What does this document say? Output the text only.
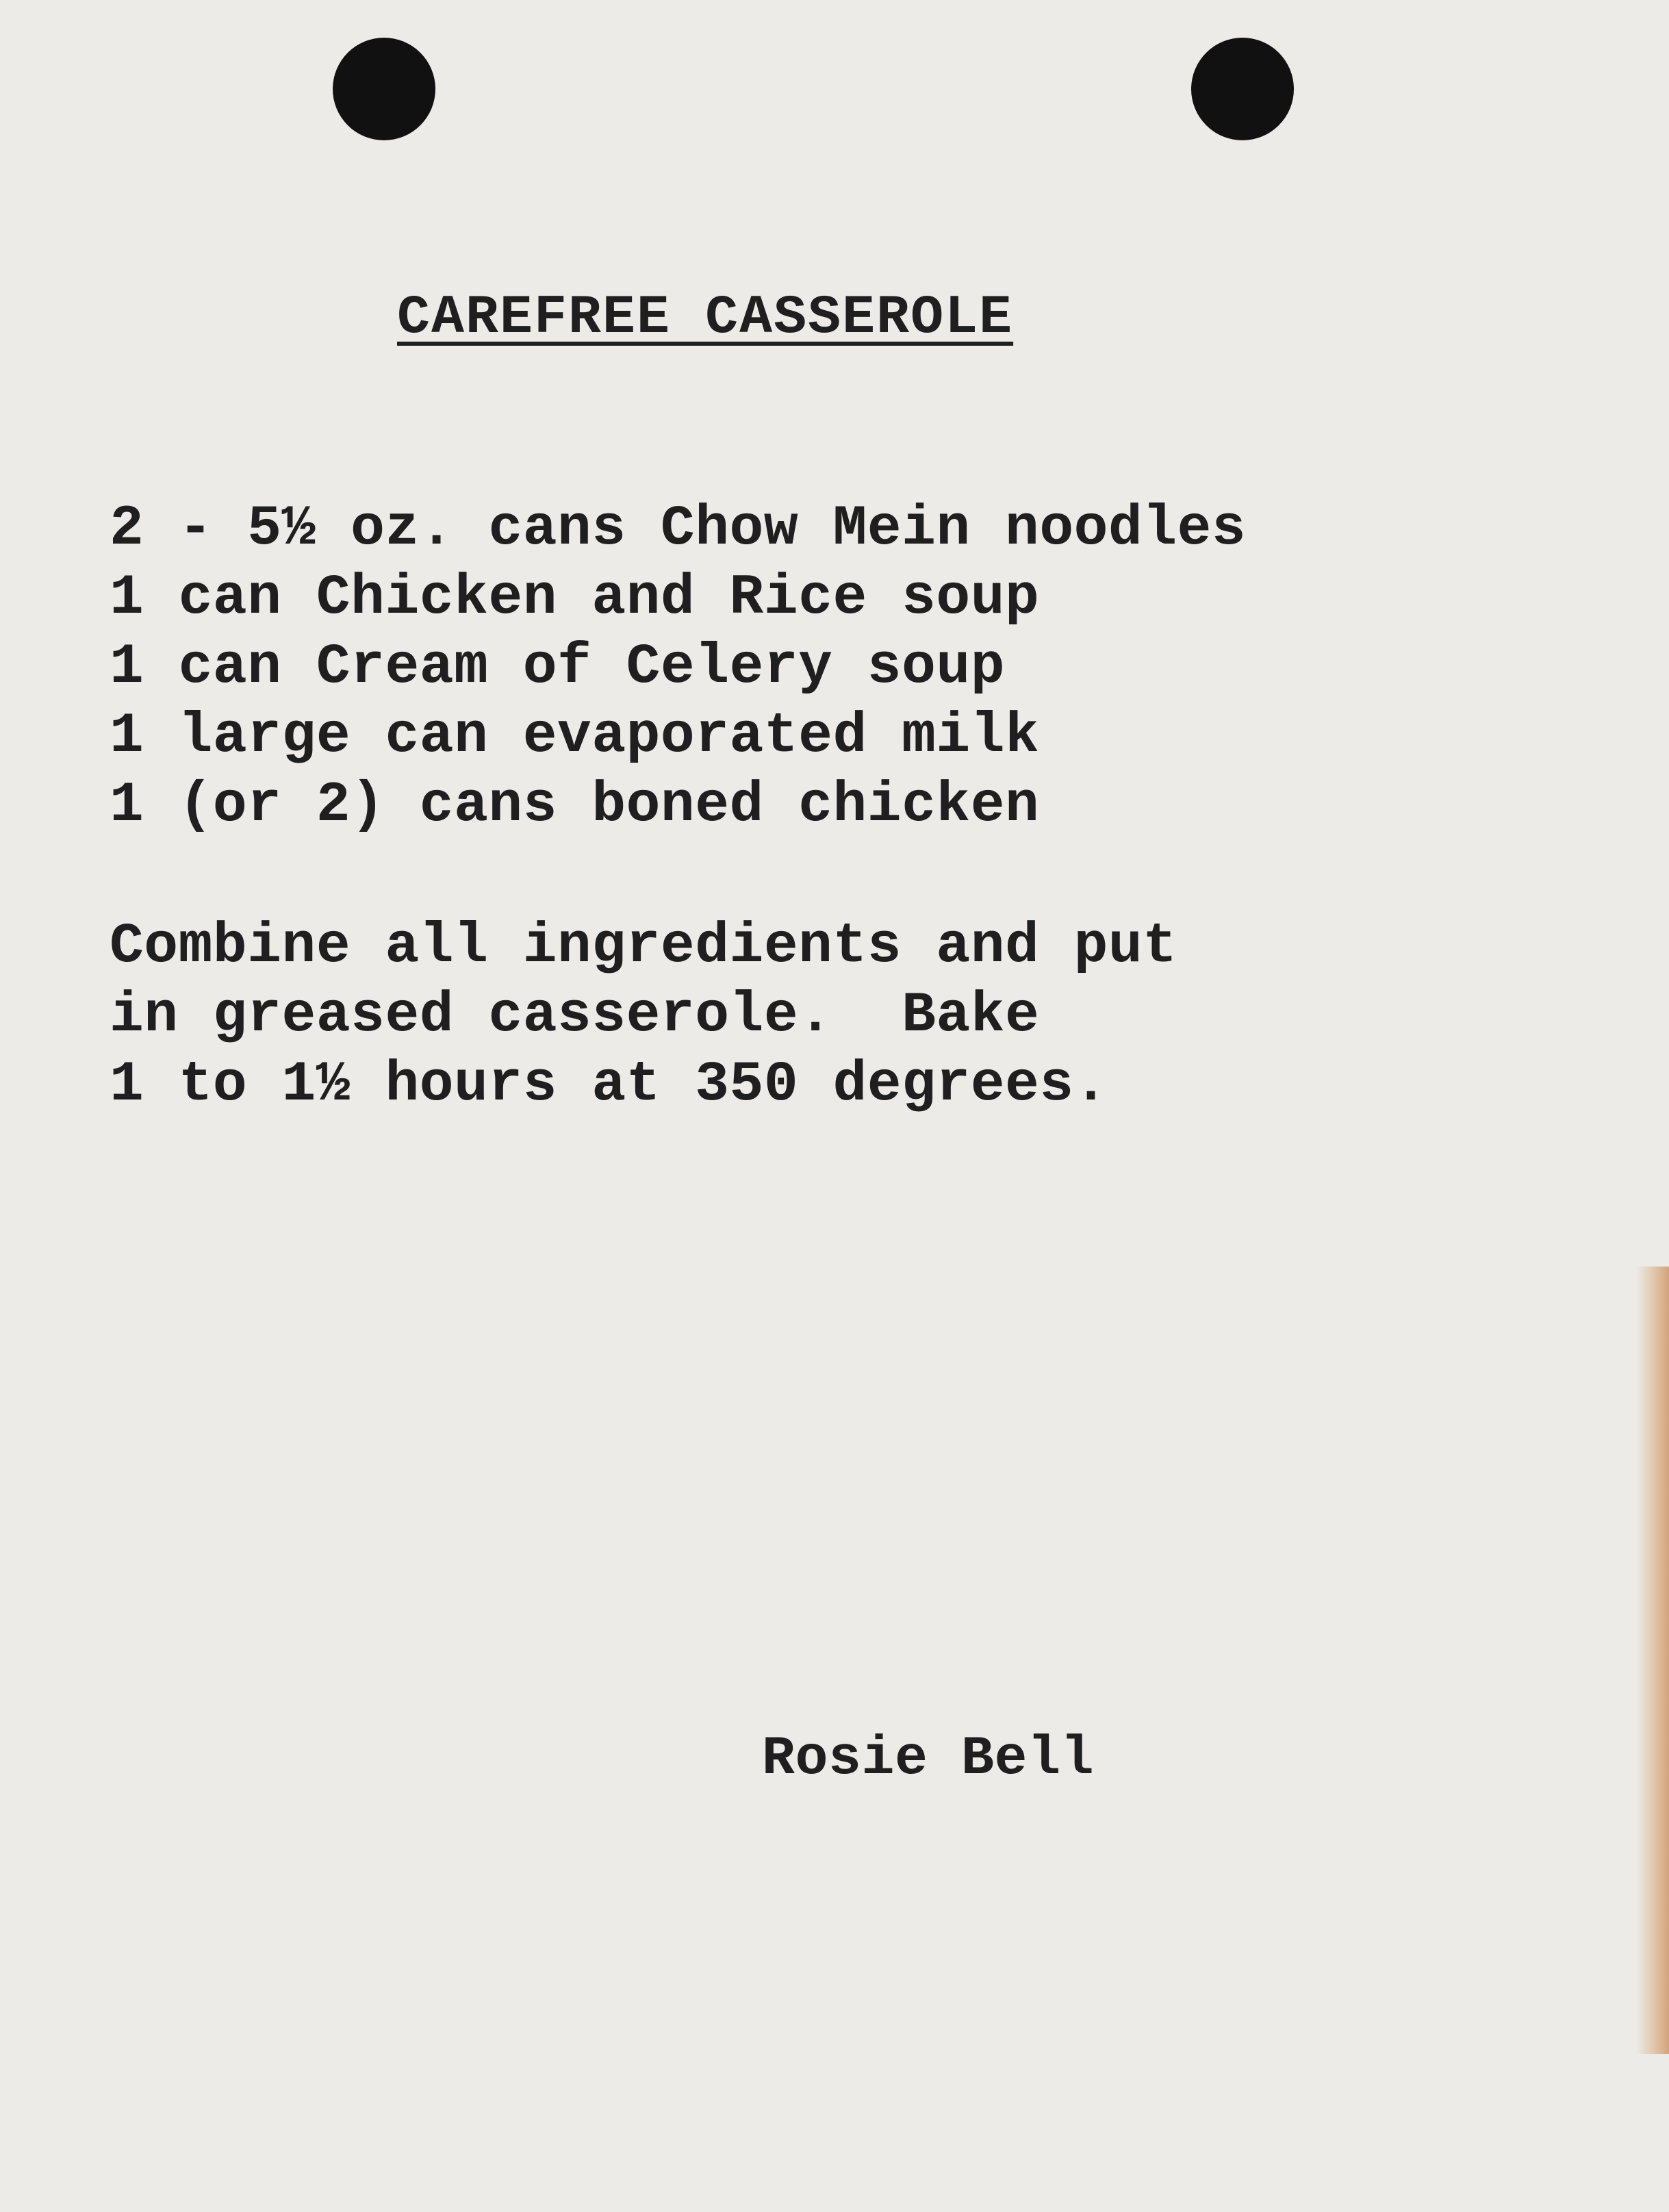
CAREFREE CASSEROLE
2 - 5½ oz. cans Chow Mein noodles
1 can Chicken and Rice soup
1 can Cream of Celery soup
1 large can evaporated milk
1 (or 2) cans boned chicken
Combine all ingredients and put
in greased casserole.  Bake
1 to 1½ hours at 350 degrees.
Rosie Bell
